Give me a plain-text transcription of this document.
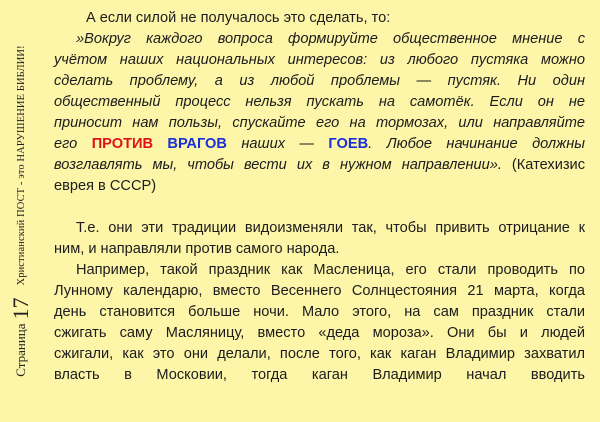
Страница
17
Христианский ПОСТ - это НАРУШЕНИЕ БИБЛИИ!
А если силой не получалось это сделать, то:
»Вокруг каждого вопроса формируйте общественное мнение с
учётом наших национальных интересов: из любого пустяка можно
сделать проблему, а из любой проблемы — пустяк. Ни один
общественный процесс нельзя пускать на самотёк. Если он не
приносит нам пользы, спускайте его на тормозах, или направляйте
его ПРОТИВ ВРАГОВ наших — ГОЕВ. Любое начинание должны
возглавлять мы, чтобы вести их в нужном направлении». (Катехизис
еврея в СССР)
Т.е. они эти традиции видоизменяли так, чтобы привить отрицание к
ним, и направляли против самого народа.
Например, такой праздник как Масленица, его стали проводить по
Лунному календарю, вместо Весеннего Солнцестояния 21 марта, когда
день становится больше ночи. Мало этого, на сам праздник стали
сжигать саму Масляницу, вместо «деда мороза». Они бы и людей
сжигали, как это они делали, после того, как каган Владимир захватил
власть в Московии, тогда каган Владимир начал вводить
